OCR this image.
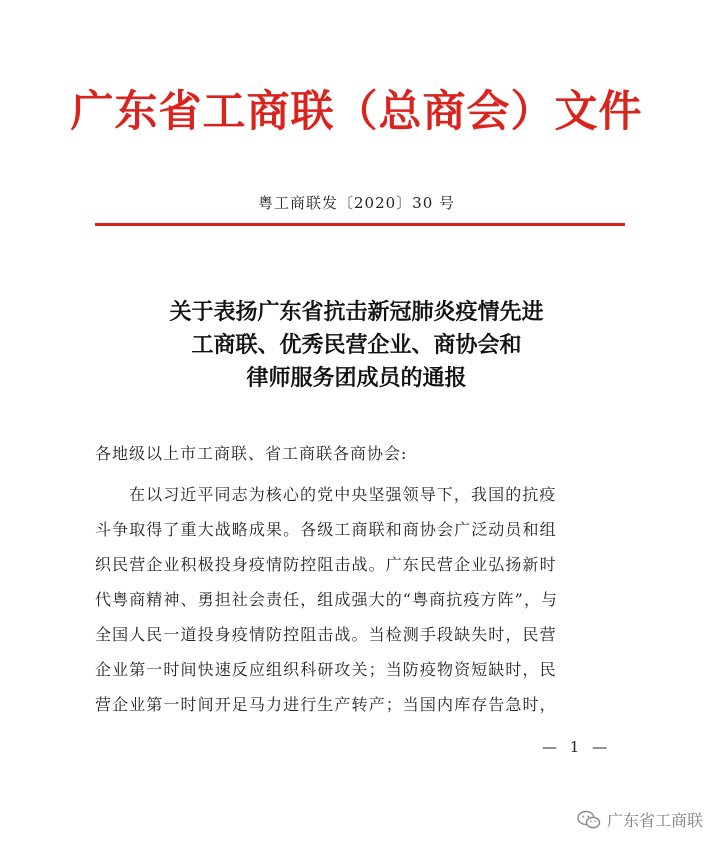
广东省工商联（总商会）文件
粤工商联发〔2020〕30 号
关于表扬广东省抗击新冠肺炎疫情先进
工商联、优秀民营企业、商协会和
律师服务团成员的通报
各地级以上市工商联、省工商联各商协会:
在以习近平同志为核心的党中央坚强领导下，我国的抗疫
斗争取得了重大战略成果。各级工商联和商协会广泛动员和组
织民营企业积极投身疫情防控阻击战。广东民营企业弘扬新时
代粤商精神、勇担社会责任，组成强大的“粤商抗疫方阵”，与
全国人民一道投身疫情防控阻击战。当检测手段缺失时，民营
企业第一时间快速反应组织科研攻关；当防疫物资短缺时，民
营企业第一时间开足马力进行生产转产；当国内库存告急时，
— 1 —
广东省工商联
